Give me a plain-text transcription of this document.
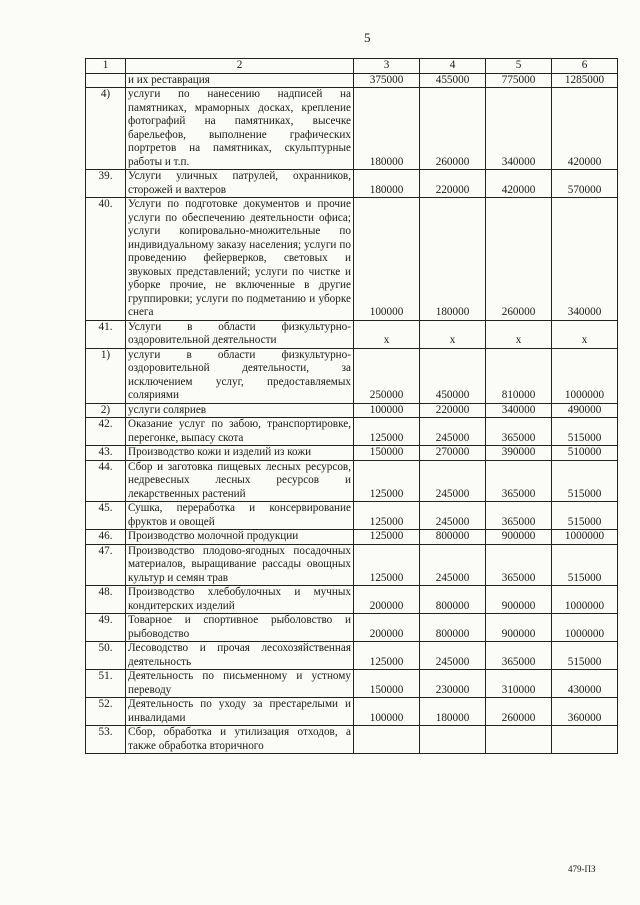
5
1	2	3	4	5	6
	и их реставрация	375000	455000	775000	1285000
4)	услуги по нанесению надписей на памятниках, мраморных досках, крепление фотографий на памятниках, высечке барельефов, выполнение графических портретов на памятниках, скульптурные работы и т.п.	180000	260000	340000	420000
39.	Услуги уличных патрулей, охранников, сторожей и вахтеров	180000	220000	420000	570000
40.	Услуги по подготовке документов и прочие услуги по обеспечению деятельности офиса; услуги копировально-множительные по индивидуальному заказу населения; услуги по проведению фейерверков, световых и звуковых представлений; услуги по чистке и уборке прочие, не включенные в другие группировки; услуги по подметанию и уборке снега	100000	180000	260000	340000
41.	Услуги в области физкультурно-оздоровительной деятельности	x	x	x	x
1)	услуги в области физкультурно-оздоровительной деятельности, за исключением услуг, предоставляемых соляриями	250000	450000	810000	1000000
2)	услуги соляриев	100000	220000	340000	490000
42.	Оказание услуг по забою, транспортировке, перегонке, выпасу скота	125000	245000	365000	515000
43.	Производство кожи и изделий из кожи	150000	270000	390000	510000
44.	Сбор и заготовка пищевых лесных ресурсов, недревесных лесных ресурсов и лекарственных растений	125000	245000	365000	515000
45.	Сушка, переработка и консервирование фруктов и овощей	125000	245000	365000	515000
46.	Производство молочной продукции	125000	800000	900000	1000000
47.	Производство плодово-ягодных посадочных материалов, выращивание рассады овощных культур и семян трав	125000	245000	365000	515000
48.	Производство хлебобулочных и мучных кондитерских изделий	200000	800000	900000	1000000
49.	Товарное и спортивное рыболовство и рыбоводство	200000	800000	900000	1000000
50.	Лесоводство и прочая лесохозяйственная деятельность	125000	245000	365000	515000
51.	Деятельность по письменному и устному переводу	150000	230000	310000	430000
52.	Деятельность по уходу за престарелыми и инвалидами	100000	180000	260000	360000
53.	Сбор, обработка и утилизация отходов, а также обработка вторичного				
479-ПЗ
